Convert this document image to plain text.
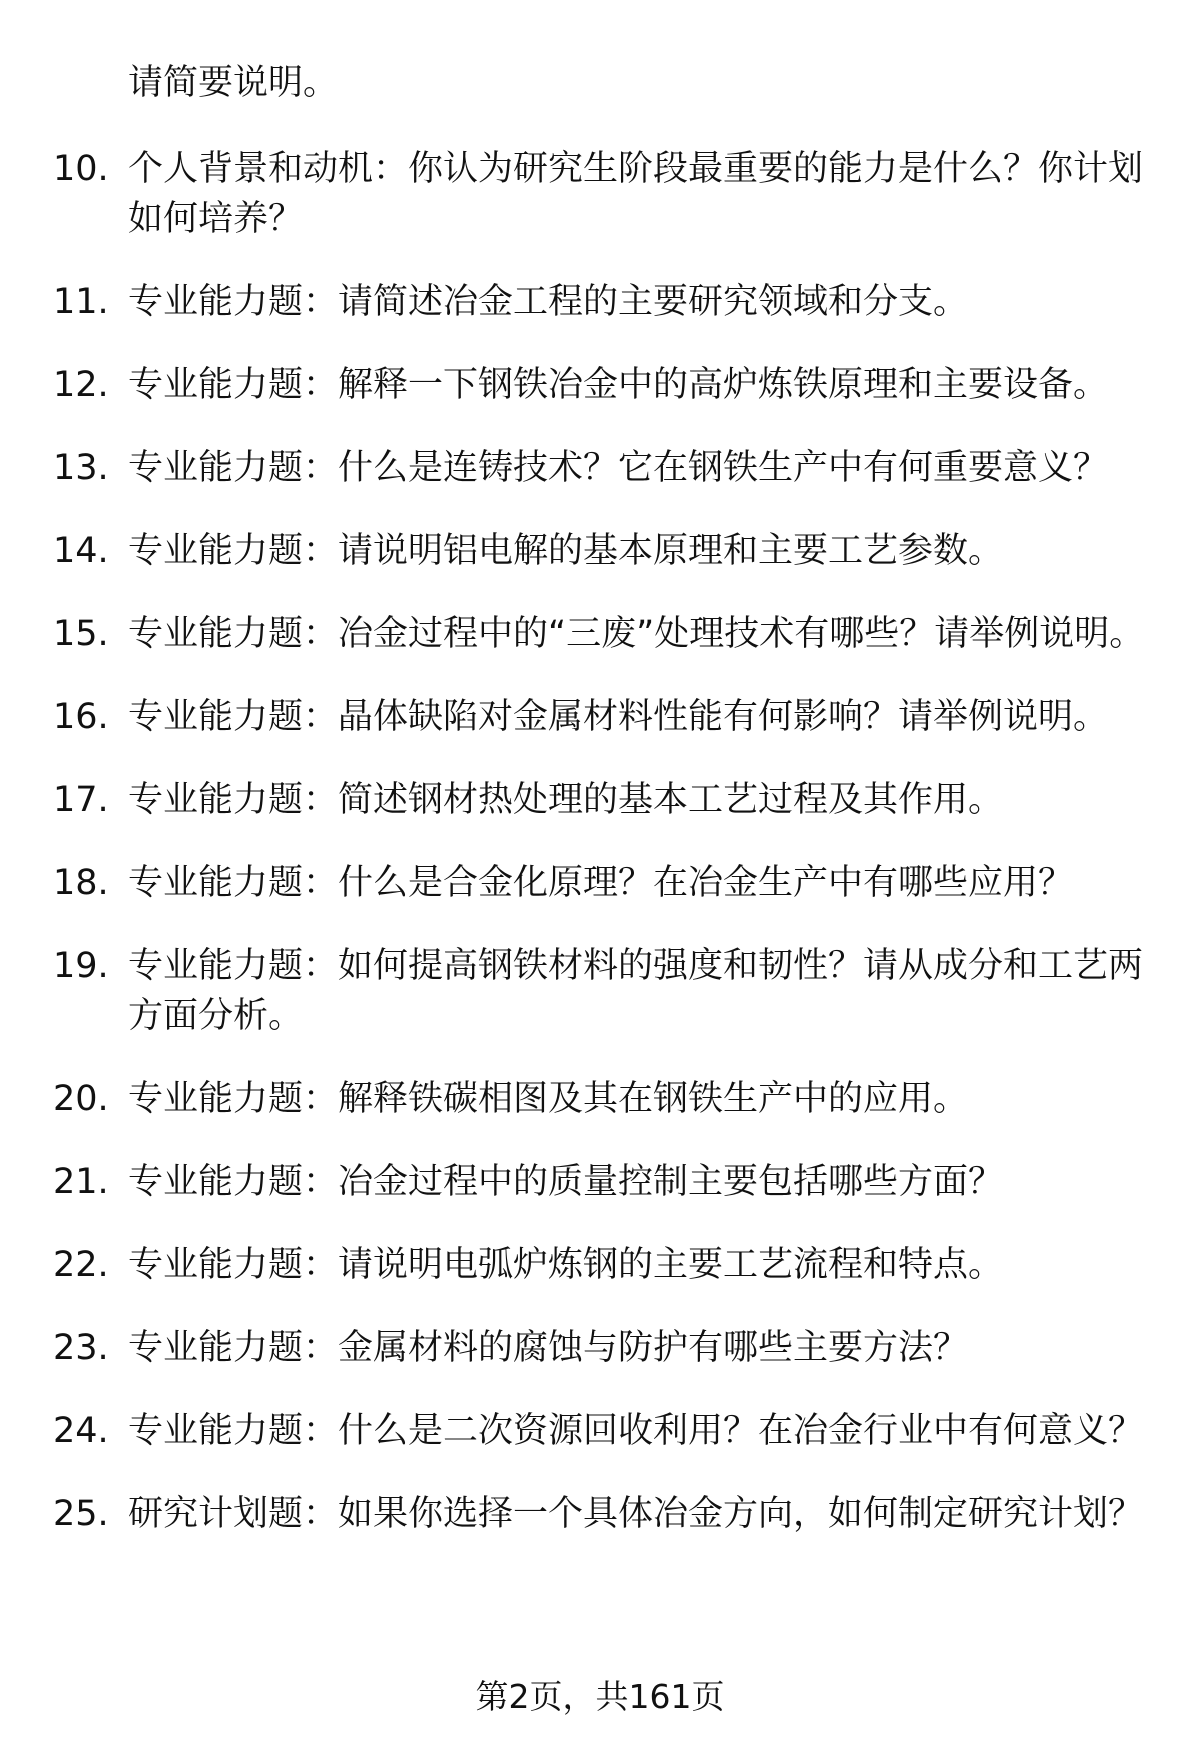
请简要说明。
10. 个人背景和动机：你认为研究生阶段最重要的能力是什么？你计划如何培养？
11. 专业能力题：请简述冶金工程的主要研究领域和分支。
12. 专业能力题：解释一下钢铁冶金中的高炉炼铁原理和主要设备。
13. 专业能力题：什么是连铸技术？它在钢铁生产中有何重要意义？
14. 专业能力题：请说明铝电解的基本原理和主要工艺参数。
15. 专业能力题：冶金过程中的“三废”处理技术有哪些？请举例说明。
16. 专业能力题：晶体缺陷对金属材料性能有何影响？请举例说明。
17. 专业能力题：简述钢材热处理的基本工艺过程及其作用。
18. 专业能力题：什么是合金化原理？在冶金生产中有哪些应用？
19. 专业能力题：如何提高钢铁材料的强度和韧性？请从成分和工艺两方面分析。
20. 专业能力题：解释铁碳相图及其在钢铁生产中的应用。
21. 专业能力题：冶金过程中的质量控制主要包括哪些方面？
22. 专业能力题：请说明电弧炉炼钢的主要工艺流程和特点。
23. 专业能力题：金属材料的腐蚀与防护有哪些主要方法？
24. 专业能力题：什么是二次资源回收利用？在冶金行业中有何意义？
25. 研究计划题：如果你选择一个具体冶金方向，如何制定研究计划？
第2页，共161页
